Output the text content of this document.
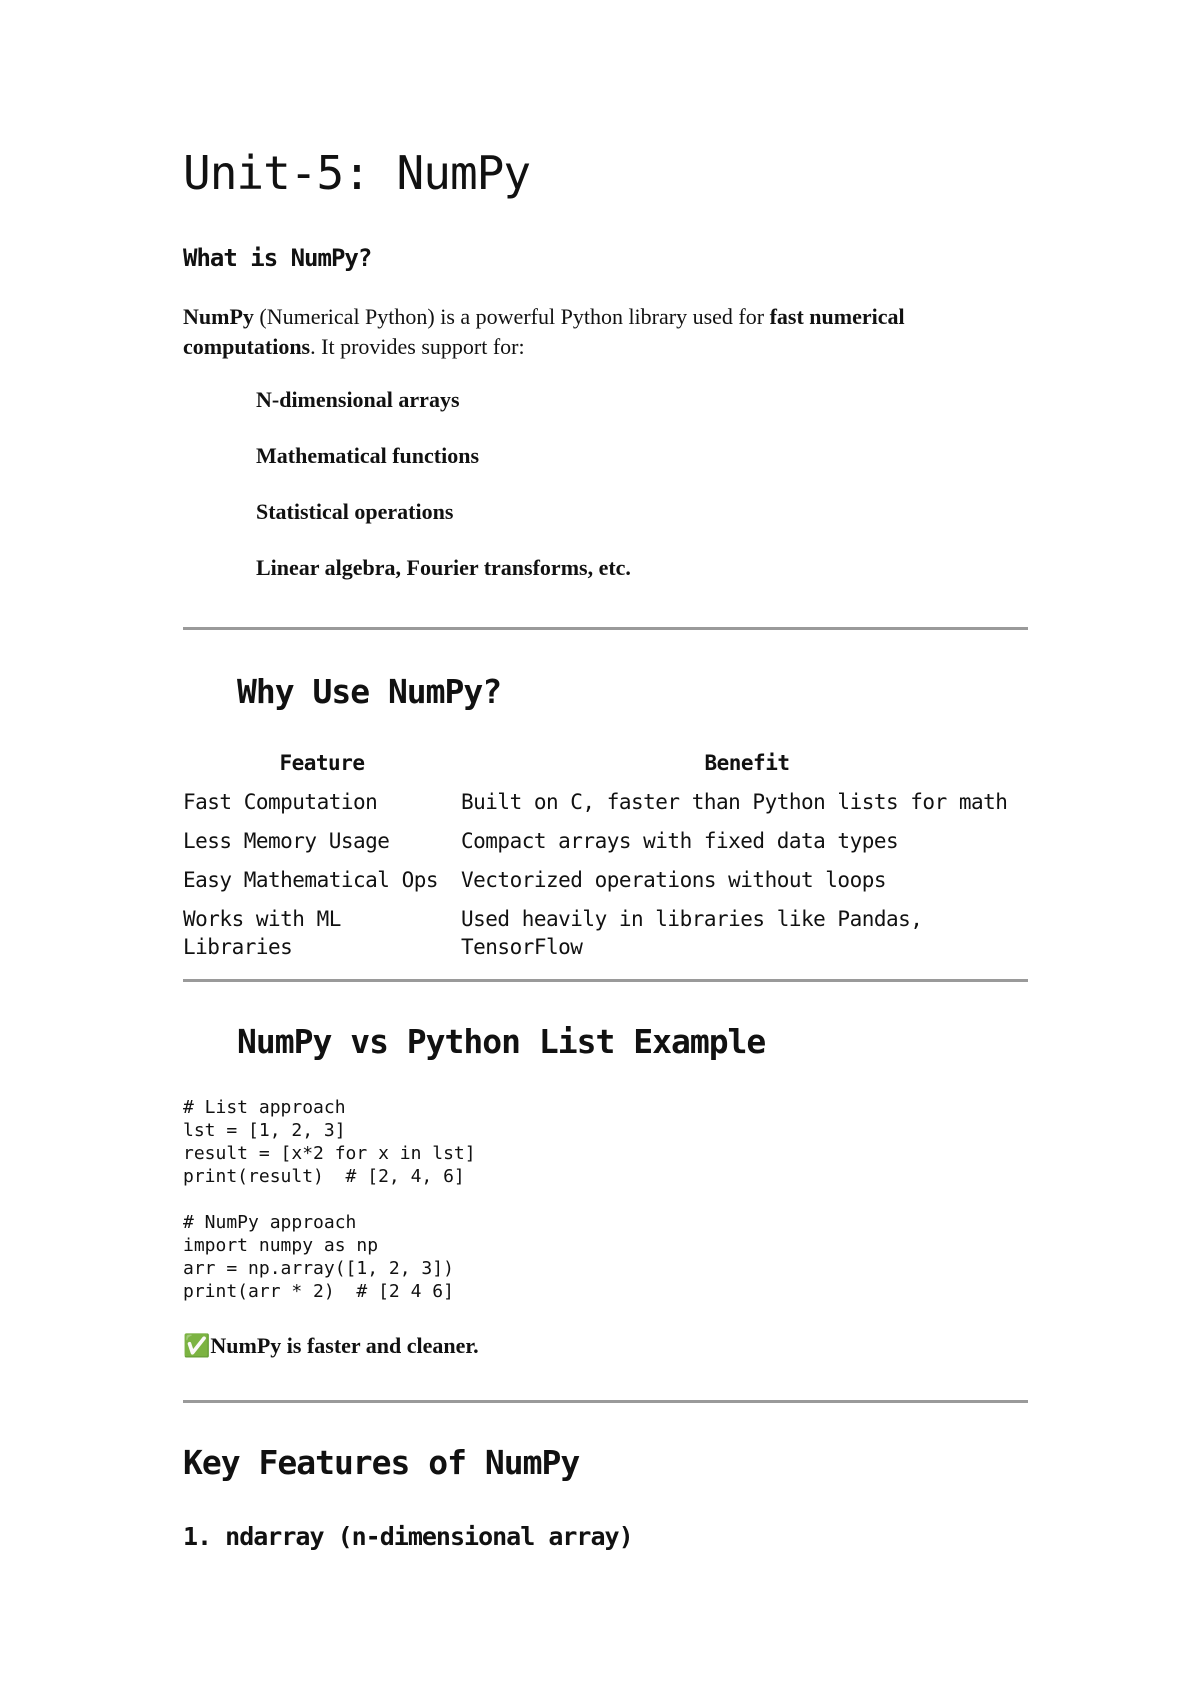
Unit-5: NumPy
What is NumPy?

NumPy (Numerical Python) is a powerful Python library used for fast numerical computations. It provides support for:

N-dimensional arrays
Mathematical functions
Statistical operations
Linear algebra, Fourier transforms, etc.
Why Use NumPy?
Feature	Benefit
Fast Computation	Built on C, faster than Python lists for math
Less Memory Usage	Compact arrays with fixed data types
Easy Mathematical Ops	Vectorized operations without loops
Works with ML Libraries	Used heavily in libraries like Pandas, TensorFlow
NumPy vs Python List Example
# List approach
lst = [1, 2, 3]
result = [x*2 for x in lst]
print(result)  # [2, 4, 6]

# NumPy approach
import numpy as np
arr = np.array([1, 2, 3])
print(arr * 2)  # [2 4 6]

✅NumPy is faster and cleaner.

Key Features of NumPy
1. ndarray (n-dimensional array)
